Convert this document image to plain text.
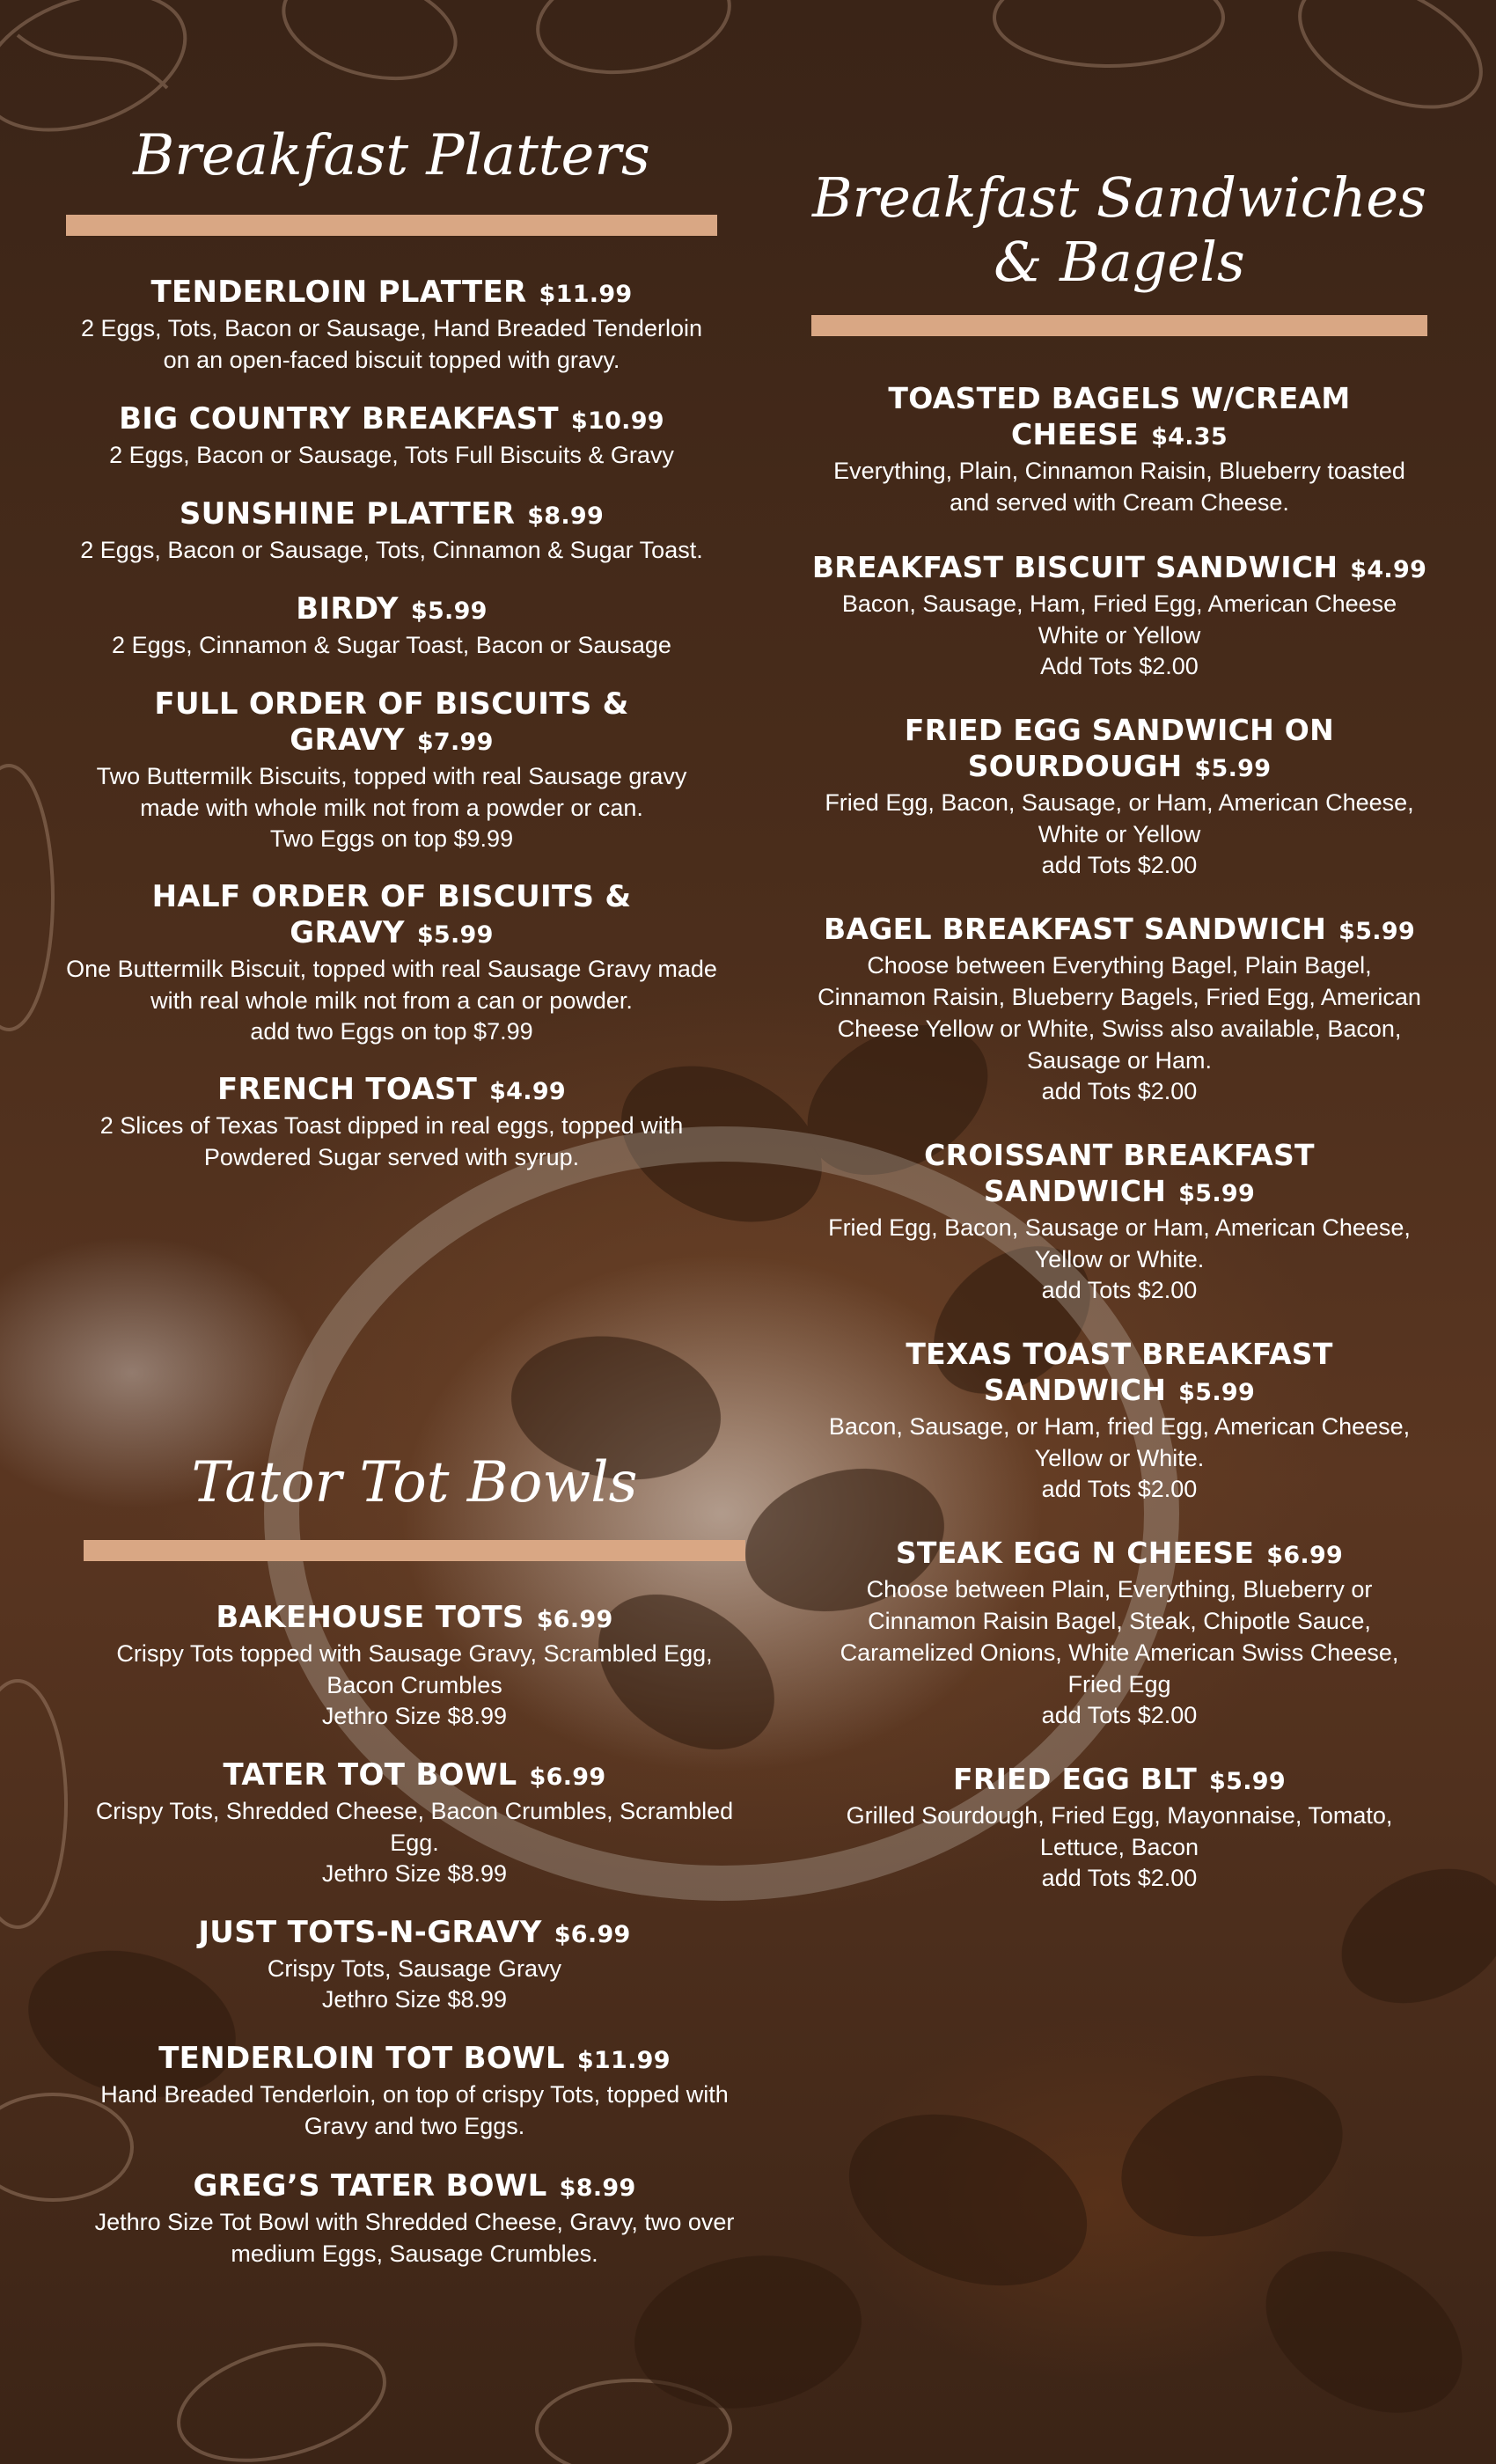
Breakfast Platters
TENDERLOIN PLATTER $11.99
2 Eggs, Tots, Bacon or Sausage, Hand Breaded Tenderloin on an open-faced biscuit topped with gravy.
BIG COUNTRY BREAKFAST $10.99
2 Eggs, Bacon or Sausage, Tots Full Biscuits & Gravy
SUNSHINE PLATTER $8.99
2 Eggs, Bacon or Sausage, Tots, Cinnamon & Sugar Toast.
BIRDY $5.99
2 Eggs, Cinnamon & Sugar Toast, Bacon or Sausage
FULL ORDER OF BISCUITS & GRAVY $7.99
Two Buttermilk Biscuits, topped with real Sausage gravy made with whole milk not from a powder or can.
Two Eggs on top $9.99
HALF ORDER OF BISCUITS & GRAVY $5.99
One Buttermilk Biscuit, topped with real Sausage Gravy made with real whole milk not from a can or powder.
add two Eggs on top $7.99
FRENCH TOAST $4.99
2 Slices of Texas Toast dipped in real eggs, topped with Powdered Sugar served with syrup.
Tator Tot Bowls
BAKEHOUSE TOTS $6.99
Crispy Tots topped with Sausage Gravy, Scrambled Egg, Bacon Crumbles
Jethro Size $8.99
TATER TOT BOWL $6.99
Crispy Tots, Shredded Cheese, Bacon Crumbles, Scrambled Egg.
Jethro Size $8.99
JUST TOTS-N-GRAVY $6.99
Crispy Tots, Sausage Gravy
Jethro Size $8.99
TENDERLOIN TOT BOWL $11.99
Hand Breaded Tenderloin, on top of crispy Tots, topped with Gravy and two Eggs.
GREG’S TATER BOWL $8.99
Jethro Size Tot Bowl with Shredded Cheese, Gravy, two over medium Eggs, Sausage Crumbles.
Breakfast Sandwiches
& Bagels
TOASTED BAGELS W/CREAM CHEESE $4.35
Everything, Plain, Cinnamon Raisin, Blueberry toasted and served with Cream Cheese.
BREAKFAST BISCUIT SANDWICH $4.99
Bacon, Sausage, Ham, Fried Egg, American Cheese White or Yellow
Add Tots $2.00
FRIED EGG SANDWICH ON SOURDOUGH $5.99
Fried Egg, Bacon, Sausage, or Ham, American Cheese, White or Yellow
add Tots $2.00
BAGEL BREAKFAST SANDWICH $5.99
Choose between Everything Bagel, Plain Bagel, Cinnamon Raisin, Blueberry Bagels, Fried Egg, American Cheese Yellow or White, Swiss also available, Bacon, Sausage or Ham.
add Tots $2.00
CROISSANT BREAKFAST SANDWICH $5.99
Fried Egg, Bacon, Sausage or Ham, American Cheese, Yellow or White.
add Tots $2.00
TEXAS TOAST BREAKFAST SANDWICH $5.99
Bacon, Sausage, or Ham, fried Egg, American Cheese, Yellow or White.
add Tots $2.00
STEAK EGG N CHEESE $6.99
Choose between Plain, Everything, Blueberry or Cinnamon Raisin Bagel, Steak, Chipotle Sauce, Caramelized Onions, White American Swiss Cheese, Fried Egg
add Tots $2.00
FRIED EGG BLT $5.99
Grilled Sourdough, Fried Egg, Mayonnaise, Tomato, Lettuce, Bacon
add Tots $2.00
